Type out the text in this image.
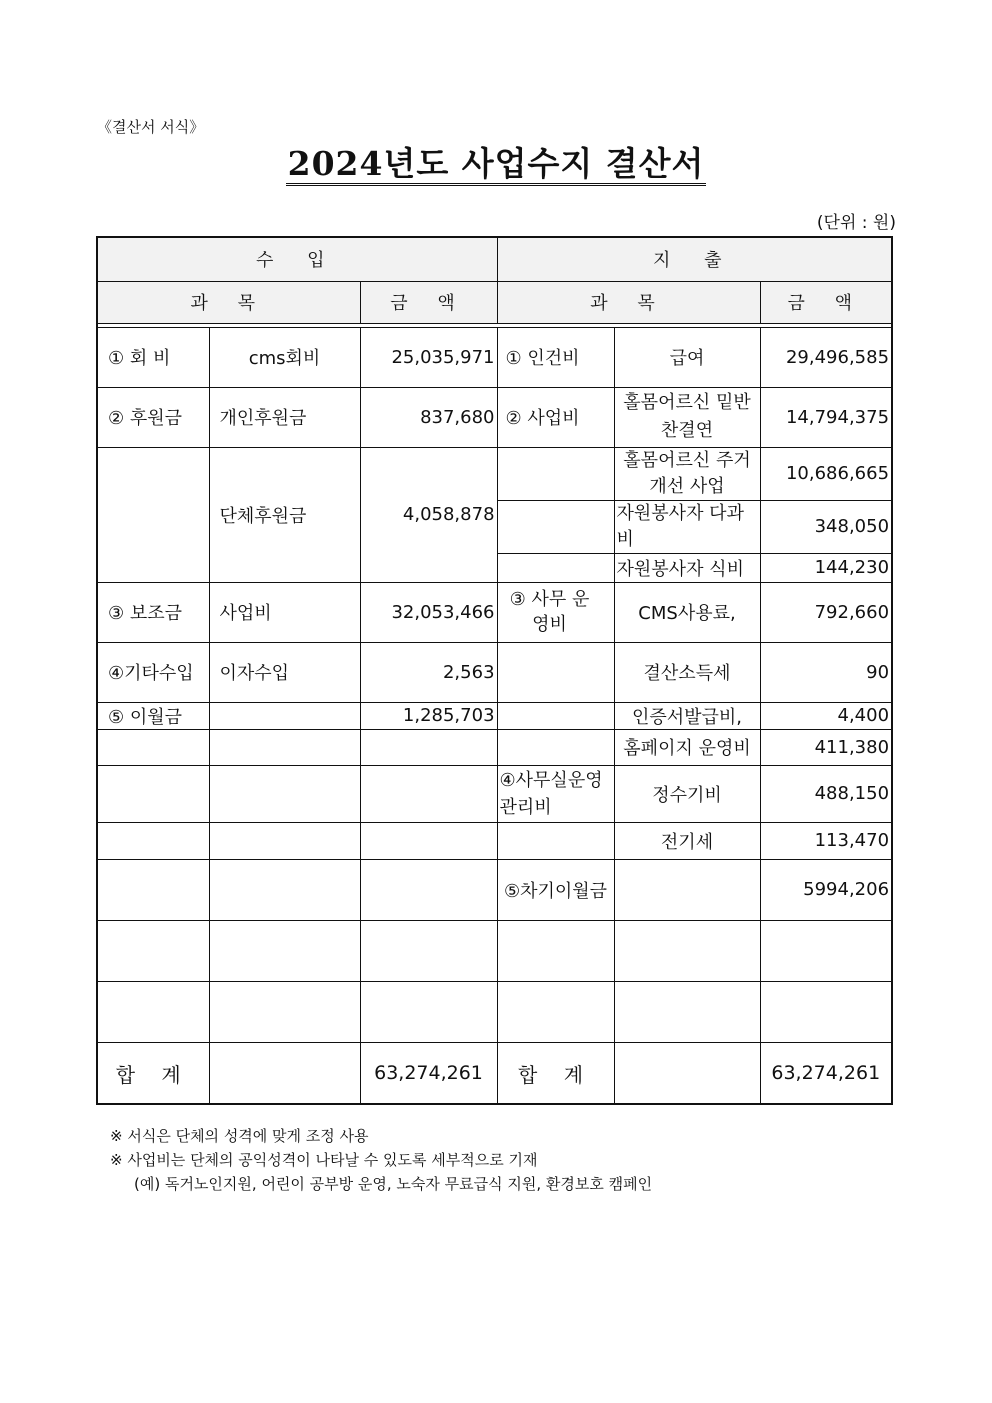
《결산서 서식》
2024년도 사업수지 결산서
(단위 : 원)
수 입			지 출		
과 목		금 액	과 목		금 액

① 회 비	cms회비	25,035,971	① 인건비	급여	29,496,585
② 후원금	개인후원금	837,680	② 사업비	홀몸어르신 밑반찬결연	14,794,375
	단체후원금	4,058,878		홀몸어르신 주거개선 사업	10,686,665
				자원봉사자 다과비	348,050
				자원봉사자 식비	144,230
③ 보조금	사업비	32,053,466	③ 사무 운영비	CMS사용료,	792,660
④기타수입	이자수입	2,563		결산소득세	90
⑤ 이월금		1,285,703		인증서발급비,	4,400
				홈페이지 운영비	411,380
			④사무실운영관리비	정수기비	488,150
				전기세	113,470
			⑤차기이월금		5994,206

합 계		63,274,261	합 계		63,274,261
※ 서식은 단체의 성격에 맞게 조정 사용
※ 사업비는 단체의 공익성격이 나타날 수 있도록 세부적으로 기재
(예) 독거노인지원, 어린이 공부방 운영, 노숙자 무료급식 지원, 환경보호 캠페인
